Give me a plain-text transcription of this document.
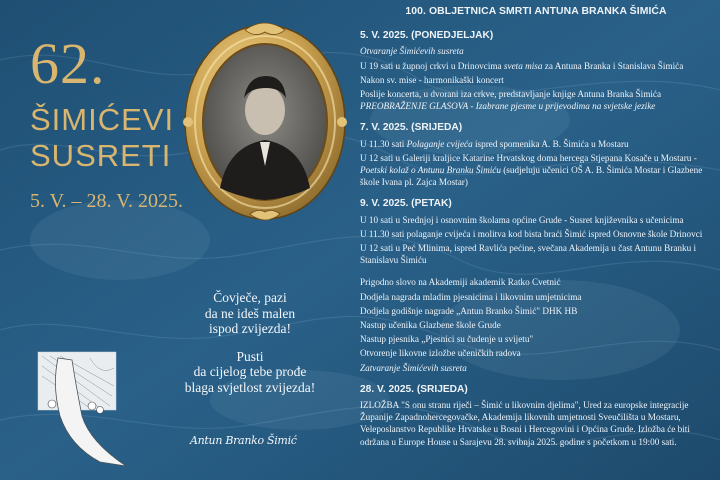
62.
ŠIMIĆEVI
SUSRETI
5. V. – 28. V. 2025.
Čovječe, pazi
da ne ideš malen
ispod zvijezda!
Pusti
da cijelog tebe prođe
blaga svjetlost zvijezda!
Antun Branko Šimić
100. OBLJETNICA SMRTI ANTUNA BRANKA ŠIMIĆA
5. V. 2025. (PONEDJELJAK)
Otvaranje Šimićevih susreta
U 19 sati u župnoj crkvi u Drinovcima sveta misa za Antuna Branka i Stanislava Šimića
Nakon sv. mise - harmonikaški koncert
Poslije koncerta, u dvorani iza crkve, predstavljanje knjige Antuna Branka Šimića PREOBRAŽENJE GLASOVA - Izabrane pjesme u prijevodima na svjetske jezike
7. V. 2025. (SRIJEDA)
U 11.30 sati Polaganje cvijeća ispred spomenika A. B. Šimića u Mostaru
U 12 sati u Galeriji kraljice Katarine Hrvatskog doma hercega Stjepana Kosače u Mostaru - Poetski kolaž o Antunu Branku Šimiću (sudjeluju učenici OŠ A. B. Šimića Mostar i Glazbene škole Ivana pl. Zajca Mostar)
9. V. 2025. (PETAK)
U 10 sati u Srednjoj i osnovnim školama općine Grude - Susret književnika s učenicima
U 11.30 sati polaganje cvijeća i molitva kod bista braći Šimić ispred Osnovne škole Drinovci
U 12 sati u Peć Mlinima, ispred Ravlića pećine, svečana Akademija u čast Antunu Branku i Stanislavu Šimiću
Prigodno slovo na Akademiji akademik Ratko Cvetnić
Dodjela nagrada mladim pjesnicima i likovnim umjetnicima
Dodjela godišnje nagrade „Antun Branko Šimić" DHK HB
Nastup učenika Glazbene škole Grude
Nastup pjesnika „Pjesnici su čudenje u svijetu"
Otvorenje likovne izložbe učeničkih radova
Zatvaranje Šimićevih susreta
28. V. 2025. (SRIJEDA)
IZLOŽBA "S onu stranu riječi – Šimić u likovnim djelima", Ured za europske integracije Županije Zapadnohercegovačke, Akademija likovnih umjetnosti Sveučilišta u Mostaru, Veleposlanstvo Republike Hrvatske u Bosni i Hercegovini i Općina Grude. Izložba će biti održana u Europe House u Sarajevu 28. svibnja 2025. godine s početkom u 19:00 sati.
